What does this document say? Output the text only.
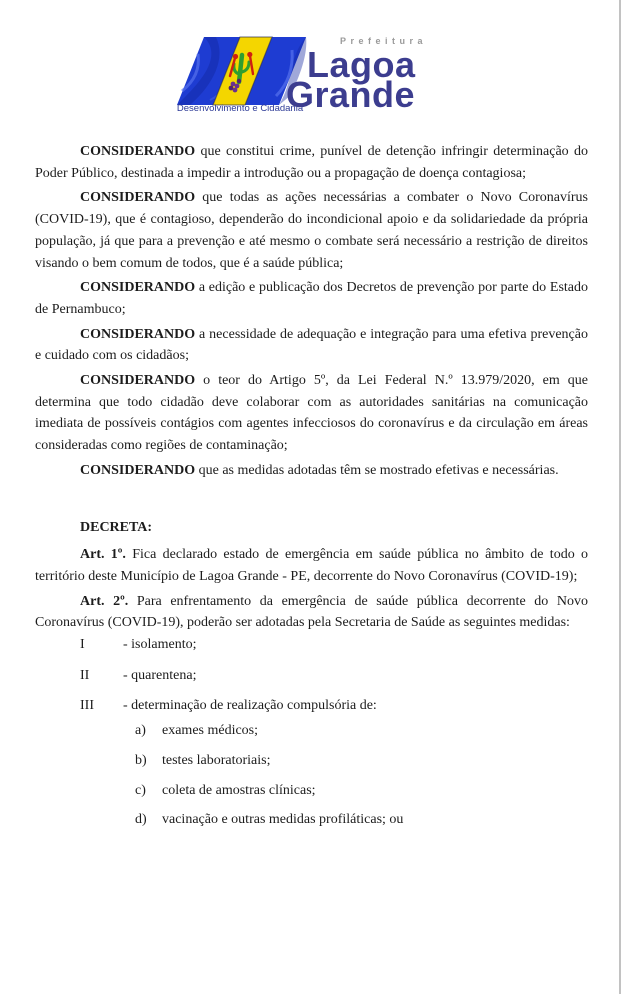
Desenvolvimento e Cidadania
Prefeitura
Lagoa
Grande

CONSIDERANDO que constitui crime, punível de detenção infringir determinação do Poder Público, destinada a impedir a introdução ou a propagação de doença contagiosa;

CONSIDERANDO que todas as ações necessárias a combater o Novo Coronavírus (COVID-19), que é contagioso, dependerão do incondicional apoio e da solidariedade da própria população, já que para a prevenção e até mesmo o combate será necessário a restrição de direitos visando o bem comum de todos, que é a saúde pública;

CONSIDERANDO a edição e publicação dos Decretos de prevenção por parte do Estado de Pernambuco;

CONSIDERANDO a necessidade de adequação e integração para uma efetiva prevenção e cuidado com os cidadãos;

CONSIDERANDO o teor do Artigo 5º, da Lei Federal N.º 13.979/2020, em que determina que todo cidadão deve colaborar com as autoridades sanitárias na comunicação imediata de possíveis contágios com agentes infecciosos do coronavírus e da circulação em áreas consideradas como regiões de contaminação;

CONSIDERANDO que as medidas adotadas têm se mostrado efetivas e necessárias.

DECRETA:

Art. 1º. Fica declarado estado de emergência em saúde pública no âmbito de todo o território deste Município de Lagoa Grande - PE, decorrente do Novo Coronavírus (COVID-19);

Art. 2º. Para enfrentamento da emergência de saúde pública decorrente do Novo Coronavírus (COVID-19), poderão ser adotadas pela Secretaria de Saúde as seguintes medidas:

I	- isolamento;

II - quarentena;

III - determinação de realização compulsória de:

a) exames médicos;

b) testes laboratoriais;

c) coleta de amostras clínicas;

d) vacinação e outras medidas profiláticas; ou
